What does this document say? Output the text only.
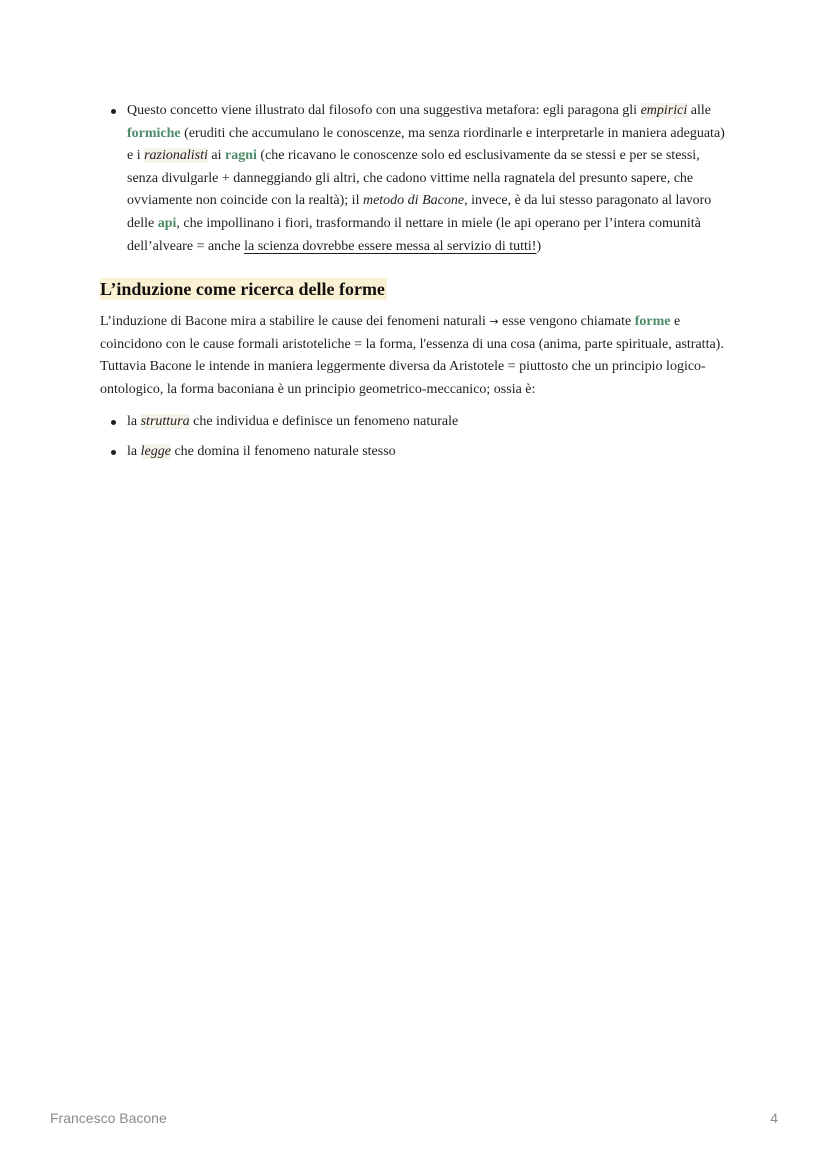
Questo concetto viene illustrato dal filosofo con una suggestiva metafora: egli paragona gli empirici alle formiche (eruditi che accumulano le conoscenze, ma senza riordinarle e interpretarle in maniera adeguata) e i razionalisti ai ragni (che ricavano le conoscenze solo ed esclusivamente da se stessi e per se stessi, senza divulgarle + danneggiando gli altri, che cadono vittime nella ragnatela del presunto sapere, che ovviamente non coincide con la realtà); il metodo di Bacone, invece, è da lui stesso paragonato al lavoro delle api, che impollinano i fiori, trasformando il nettare in miele (le api operano per l’intera comunità dell’alveare = anche la scienza dovrebbe essere messa al servizio di tutti!)
L’induzione come ricerca delle forme

L’induzione di Bacone mira a stabilire le cause dei fenomeni naturali → esse vengono chiamate forme e coincidono con le cause formali aristoteliche = la forma, l'essenza di una cosa (anima, parte spirituale, astratta). Tuttavia Bacone le intende in maniera leggermente diversa da Aristotele = piuttosto che un principio logico-ontologico, la forma baconiana è un principio geometrico-meccanico; ossia è:

la struttura che individua e definisce un fenomeno naturale
la legge che domina il fenomeno naturale stesso
Francesco Bacone	4
